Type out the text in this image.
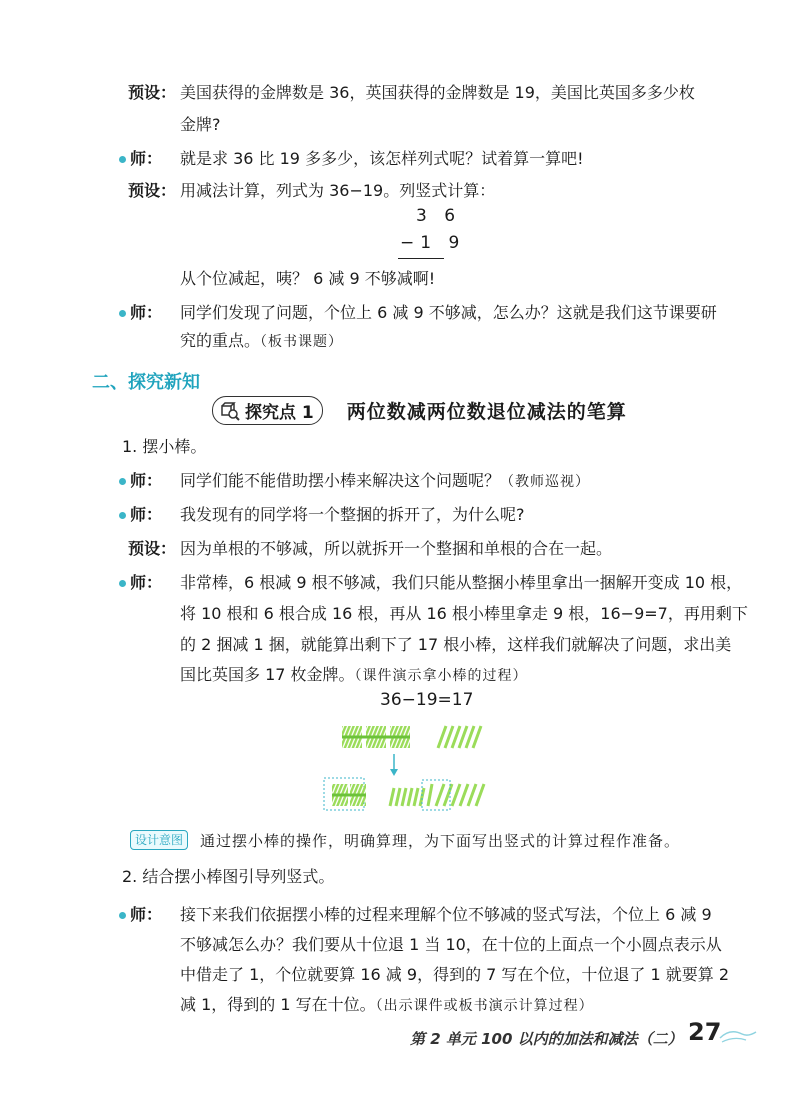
预设： 美国获得的金牌数是 36，英国获得的金牌数是 19，美国比英国多多少枚
金牌?
师： 就是求 36 比 19 多多少，该怎样列式呢？试着算一算吧!
预设： 用减法计算，列式为 36−19。列竖式计算：
3 6
−1 9
从个位减起，咦？ 6 减 9 不够减啊!
师： 同学们发现了问题，个位上 6 减 9 不够减，怎么办？这就是我们这节课要研
究的重点。（板书课题）
二、探究新知
探究点 1 两位数减两位数退位减法的笔算
1. 摆小棒。
师： 同学们能不能借助摆小棒来解决这个问题呢？（教师巡视）
师： 我发现有的同学将一个整捆的拆开了，为什么呢?
预设： 因为单根的不够减，所以就拆开一个整捆和单根的合在一起。
师： 非常棒，6 根减 9 根不够减，我们只能从整捆小棒里拿出一捆解开变成 10 根，
将 10 根和 6 根合成 16 根，再从 16 根小棒里拿走 9 根，16−9=7，再用剩下
的 2 捆减 1 捆，就能算出剩下了 17 根小棒，这样我们就解决了问题，求出美
国比英国多 17 枚金牌。（课件演示拿小棒的过程）
36−19=17
设计意图	通过摆小棒的操作，明确算理，为下面写出竖式的计算过程作准备。
2. 结合摆小棒图引导列竖式。
师： 接下来我们依据摆小棒的过程来理解个位不够减的竖式写法，个位上 6 减 9
不够减怎么办？我们要从十位退 1 当 10，在十位的上面点一个小圆点表示从
中借走了 1，个位就要算 16 减 9，得到的 7 写在个位，十位退了 1 就要算 2
减 1，得到的 1 写在十位。（出示课件或板书演示计算过程）
第 2 单元 100 以内的加法和减法（二） 27
